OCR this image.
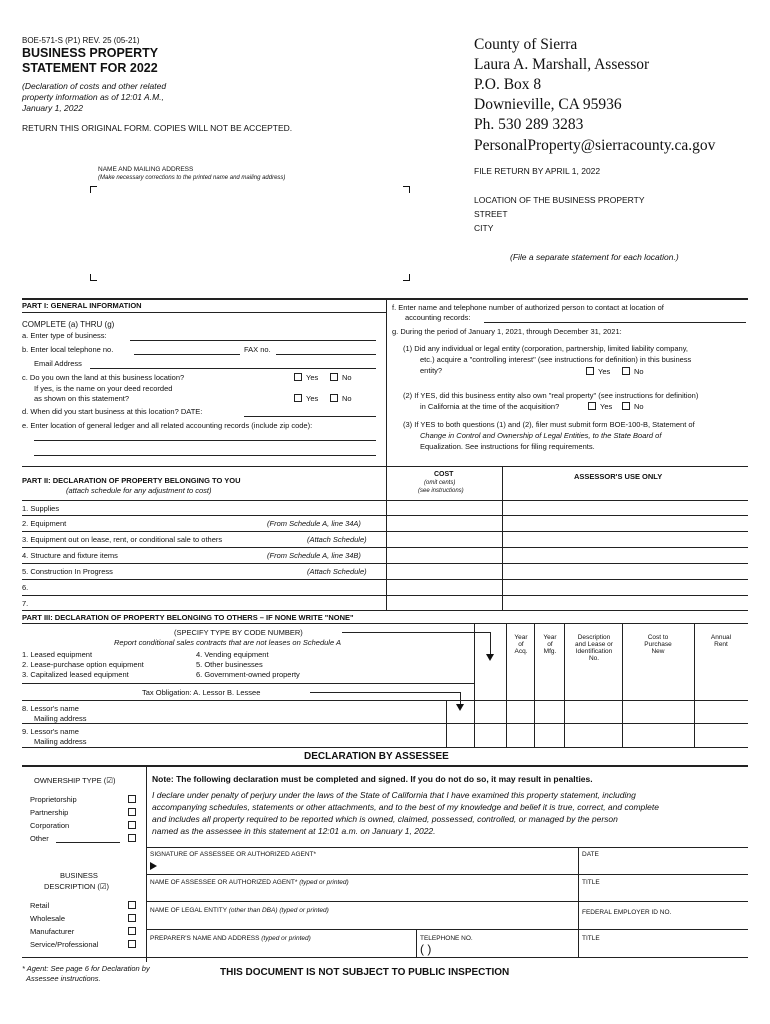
BOE-571-S (P1) REV. 25 (05-21)
BUSINESS PROPERTY
STATEMENT FOR 2022
(Declaration of costs and other related
property information as of 12:01 A.M.,
January 1, 2022
RETURN THIS ORIGINAL FORM. COPIES WILL NOT BE ACCEPTED.
County of Sierra
Laura A. Marshall, Assessor
P.O. Box 8
Downieville, CA 95936
Ph. 530 289 3283
PersonalProperty@sierracounty.ca.gov
NAME AND MAILING ADDRESS
(Make necessary corrections to the printed name and mailing address)
FILE RETURN BY APRIL 1, 2022
LOCATION OF THE BUSINESS PROPERTY
STREET
CITY
(File a separate statement for each location.)
PART I: GENERAL INFORMATION
COMPLETE (a) THRU (g)
a. Enter type of business:
b. Enter local telephone no.	FAX no.
Email Address
c. Do you own the land at this business location?	Yes	No
If yes, is the name on your deed recorded
as shown on this statement?	Yes	No
d. When did you start business at this location? DATE:
e. Enter location of general ledger and all related accounting records (include zip code):
f. Enter name and telephone number of authorized person to contact at location of
accounting records:
g. During the period of January 1, 2021, through December 31, 2021:
(1) Did any individual or legal entity (corporation, partnership, limited liability company,
etc.) acquire a "controlling interest" (see instructions for definition) in this business
entity?	Yes	No
(2) If YES, did this business entity also own "real property" (see instructions for definition)
in California at the time of the acquisition?	Yes	No
(3) If YES to both questions (1) and (2), filer must submit form BOE-100-B, Statement of
Change in Control and Ownership of Legal Entities, to the State Board of
Equalization. See instructions for filing requirements.
PART II: DECLARATION OF PROPERTY BELONGING TO YOU
(attach schedule for any adjustment to cost)
COST
(omit cents)
(see instructions)
ASSESSOR'S USE ONLY
1. Supplies
2. Equipment	(From Schedule A, line 34A)
3. Equipment out on lease, rent, or conditional sale to others	(Attach Schedule)
4. Structure and fixture items	(From Schedule A, line 34B)
5. Construction In Progress	(Attach Schedule)
6.
7.
PART III: DECLARATION OF PROPERTY BELONGING TO OTHERS – IF NONE WRITE "NONE"
(SPECIFY TYPE BY CODE NUMBER)
Report conditional sales contracts that are not leases on Schedule A
1. Leased equipment
2. Lease-purchase option equipment
3. Capitalized leased equipment
4. Vending equipment
5. Other businesses
6. Government-owned property
Year
of
Acq.
Year
of
Mfg.
Description
and Lease or
Identification
No.
Cost to
Purchase
New
Annual
Rent
Tax Obligation: A. Lessor B. Lessee
8. Lessor's name
Mailing address
9. Lessor's name
Mailing address
DECLARATION BY ASSESSEE
OWNERSHIP TYPE (☑)
Proprietorship
Partnership
Corporation
Other
BUSINESS
DESCRIPTION (☑)
Retail
Wholesale
Manufacturer
Service/Professional
Note: The following declaration must be completed and signed. If you do not do so, it may result in penalties.
I declare under penalty of perjury under the laws of the State of California that I have examined this property statement, including
accompanying schedules, statements or other attachments, and to the best of my knowledge and belief it is true, correct, and complete
and includes all property required to be reported which is owned, claimed, possessed, controlled, or managed by the person
named as the assessee in this statement at 12:01 a.m. on January 1, 2022.
SIGNATURE OF ASSESSEE OR AUTHORIZED AGENT*	DATE
NAME OF ASSESSEE OR AUTHORIZED AGENT* (typed or printed)	TITLE
NAME OF LEGAL ENTITY (other than DBA) (typed or printed)	FEDERAL EMPLOYER ID NO.
PREPARER'S NAME AND ADDRESS (typed or printed)	TELEPHONE NO.
( )
TITLE
* Agent: See page 6 for Declaration by
Assessee instructions.
THIS DOCUMENT IS NOT SUBJECT TO PUBLIC INSPECTION
